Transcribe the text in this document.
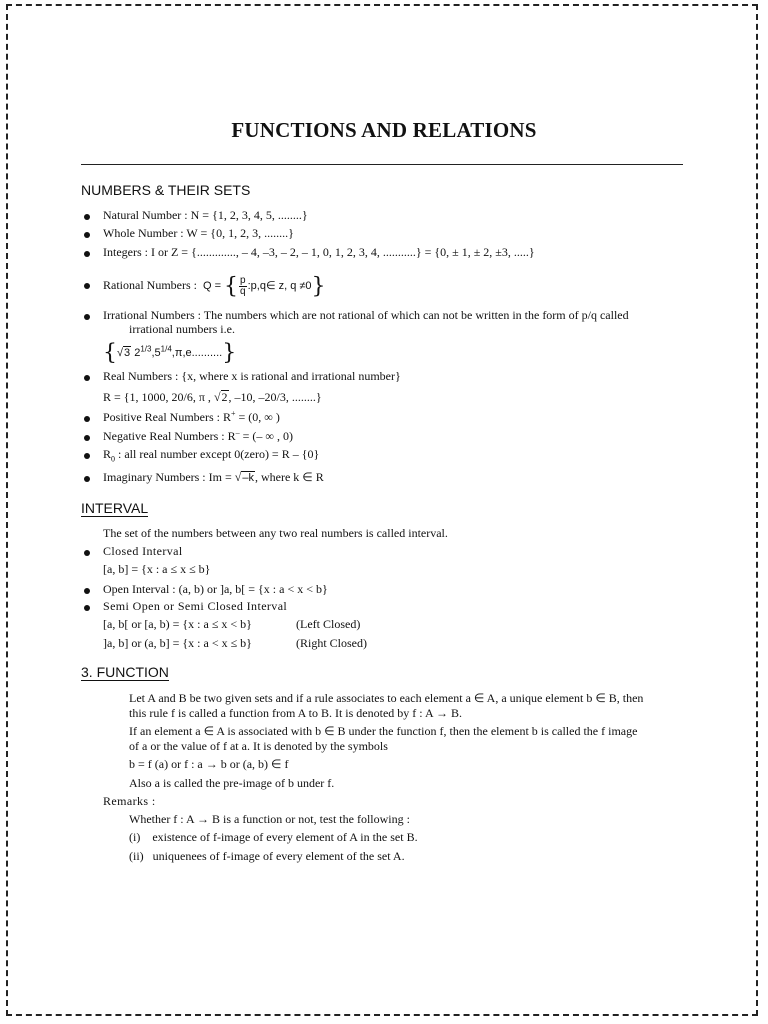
FUNCTIONS AND RELATIONS
NUMBERS & THEIR SETS
Natural Number : N = {1, 2, 3, 4, 5, ........}
Whole Number : W = {0, 1, 2, 3, ........}
Integers : I or Z = {............., – 4, –3, – 2, – 1, 0, 1, 2, 3, 4, ...........} = {0, ± 1, ± 2, ±3, .....}
Rational Numbers : Q = { $\frac{p}{q}$ :p,q∈ z, q ≠0}
Irrational Numbers : The numbers which are not rational of which can not be written in the form of p/q called
irrational numbers i.e.
{√3 $2^{1/3},5^{1/4},\pi,e$..........}
Real Numbers : {x, where x is rational and irrational number}
R = {1, 1000, 20/6, π , √2, –10, –20/3, ........}
Positive Real Numbers : R+ = (0, ∞ )
Negative Real Numbers : R– = (– ∞ , 0)
$R_0$ : all real number except 0(zero) = R – {0}
Imaginary Numbers : Im = √–k, where k ∈ R
INTERVAL
The set of the numbers between any two real numbers is called interval.
Closed Interval
[a, b] = {x : a ≤ x ≤ b}
Open Interval : (a, b) or ]a, b[ = {x : a < x < b}
Semi Open or Semi Closed Interval
[a, b[ or [a, b) = {x : a ≤ x < b}	(Left Closed)
]a, b] or (a, b] = {x : a < x ≤ b}	(Right Closed)
3. FUNCTION
Let A and B be two given sets and if a rule associates to each element a ∈ A, a unique element b ∈ B, then
this rule f is called a function from A to B. It is denoted by f : A → B.
If an element a ∈ A is associated with b ∈ B under the function f, then the element b is called the f image
of a or the value of f at a. It is denoted by the symbols
b = f (a) or f : a → b or (a, b) ∈ f
Also a is called the pre-image of b under f.
Remarks :
Whether f : A → B is a function or not, test the following :
(i)    existence of f-image of every element of A in the set B.
(ii)   uniquenees of f-image of every element of the set A.
